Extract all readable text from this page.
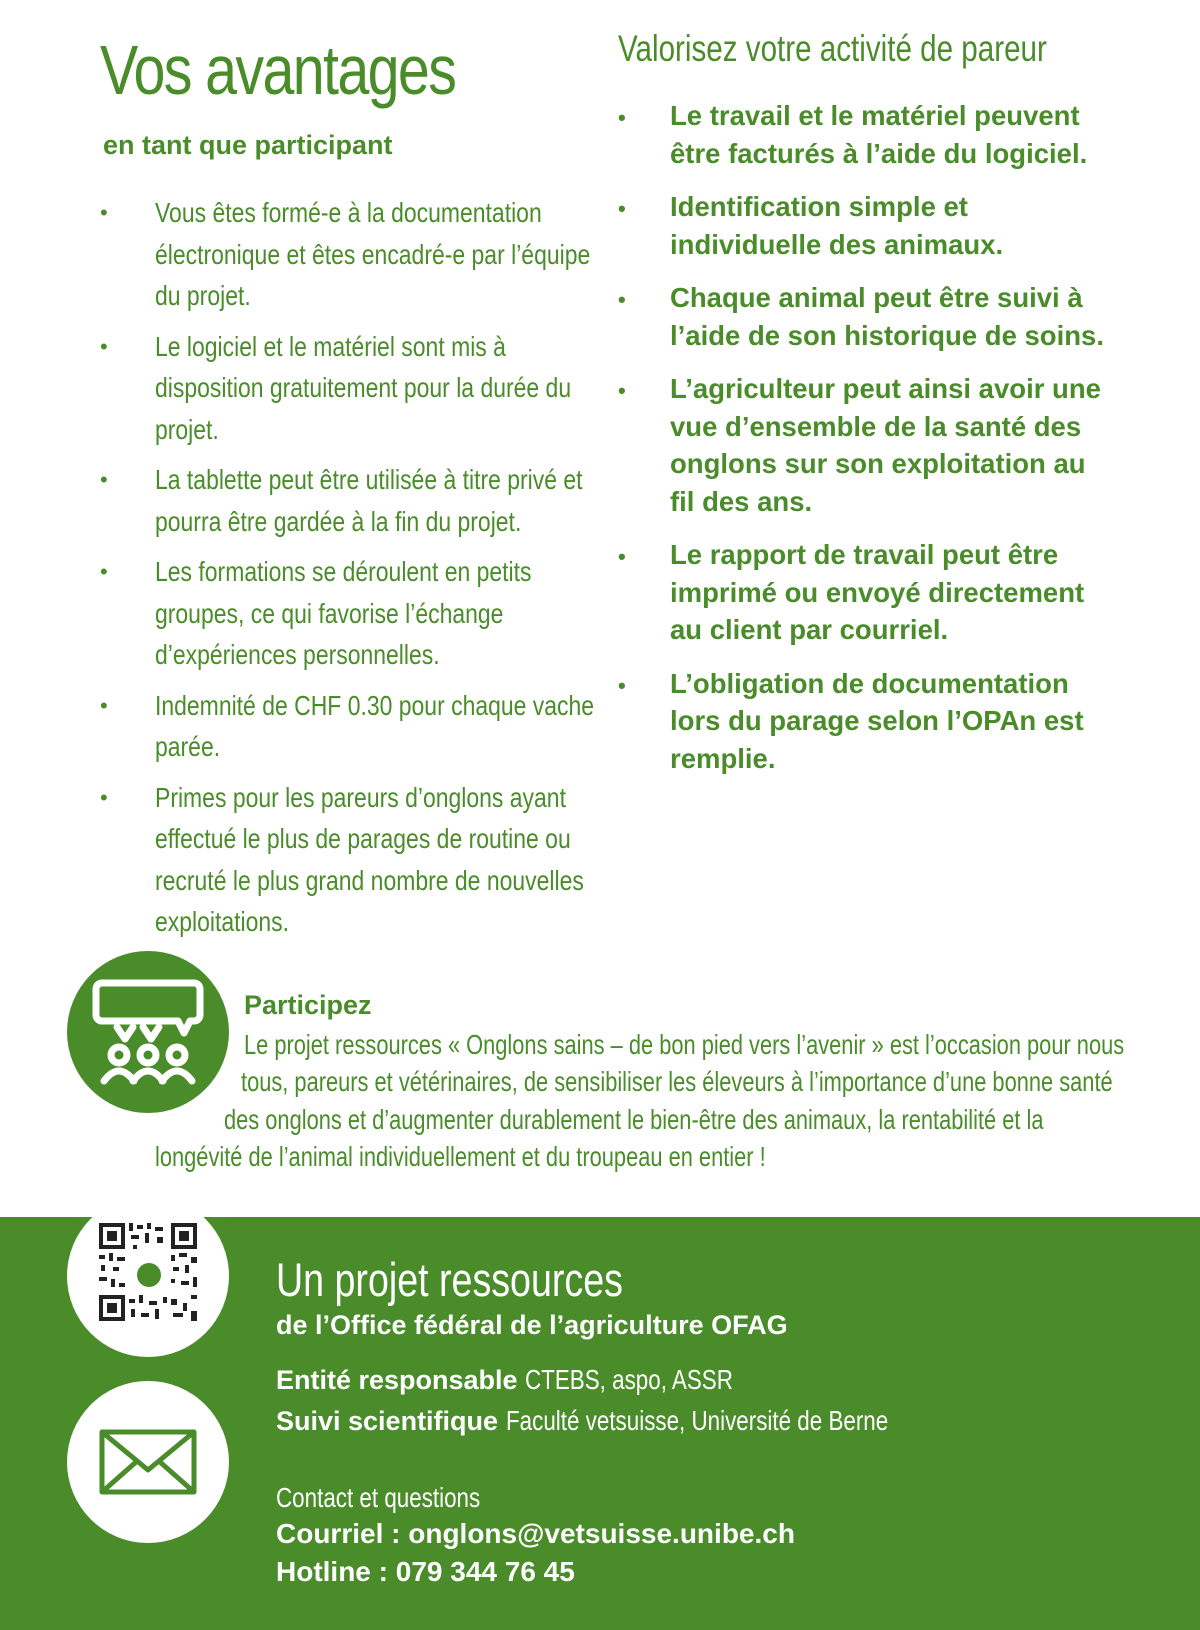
Vos avantages
en tant que participant
• Vous êtes formé-e à la documentation électronique et êtes encadré-e par l’équipe du projet.
• Le logiciel et le matériel sont mis à disposition gratuitement pour la durée du projet.
• La tablette peut être utilisée à titre privé et pourra être gardée à la fin du projet.
• Les formations se déroulent en petits groupes, ce qui favorise l’échange d’expériences personnelles.
• Indemnité de CHF 0.30 pour chaque vache parée.
• Primes pour les pareurs d’onglons ayant effectué le plus de parages de routine ou recruté le plus grand nombre de nouvelles exploitations.
Valorisez votre activité de pareur
• Le travail et le matériel peuvent être facturés à l’aide du logiciel.
• Identification simple et individuelle des animaux.
• Chaque animal peut être suivi à l’aide de son historique de soins.
• L’agriculteur peut ainsi avoir une vue d’ensemble de la santé des onglons sur son exploitation au fil des ans.
• Le rapport de travail peut être imprimé ou envoyé directement au client par courriel.
• L’obligation de documentation lors du parage selon l’OPAn est remplie.
Participez

Le projet ressources « Onglons sains – de bon pied vers l’avenir » est l’occasion pour nous

tous, pareurs et vétérinaires, de sensibiliser les éleveurs à l’importance d’une bonne santé

des onglons et d’augmenter durablement le bien-être des animaux, la rentabilité et la

longévité de l’animal individuellement et du troupeau en entier !

Un projet ressources

de l’Office fédéral de l’agriculture OFAG

Entité responsable CTEBS, aspo, ASSR

Suivi scientifique Faculté vetsuisse, Université de Berne

Contact et questions

Courriel : onglons@vetsuisse.unibe.ch

Hotline : 079 344 76 45
